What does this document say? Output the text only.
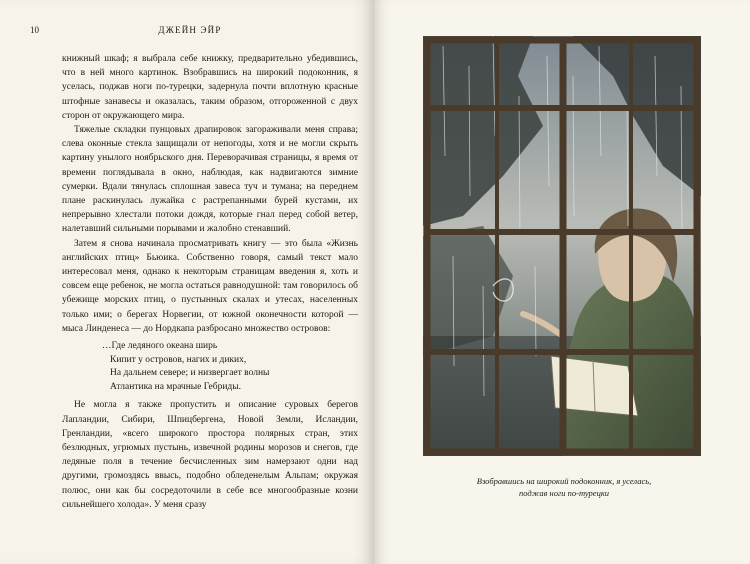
10	ДЖЕЙН ЭЙР

книжный шкаф; я выбрала себе книжку, предварительно убедившись, что в ней много картинок. Взобравшись на широкий подоконник, я уселась, поджав ноги по-турецки, задернула почти вплотную красные штофные занавесы и оказалась, таким образом, отгороженной с двух сторон от окружающего мира.

Тяжелые складки пунцовых драпировок загораживали меня справа; слева оконные стекла защищали от непогоды, хотя и не могли скрыть картину унылого ноябрьского дня. Переворачивая страницы, я время от времени поглядывала в окно, наблюдая, как надвигаются зимние сумерки. Вдали тянулась сплошная завеса туч и тумана; на переднем плане раскинулась лужайка с растрепанными бурей кустами, их непрерывно хлестали потоки дождя, которые гнал перед собой ветер, налетавший сильными порывами и жалобно стенавший.

Затем я снова начинала просматривать книгу — это была «Жизнь английских птиц» Бьюика. Собственно говоря, самый текст мало интересовал меня, однако к некоторым страницам введения я, хоть и совсем еще ребенок, не могла остаться равнодушной: там говорилось об убежище морских птиц, о пустынных скалах и утесах, населенных только ими; о берегах Норвегии, от южной оконечности которой — мыса Линденеса — до Нордкапа разбросано множество островов:

…Где ледяного океана ширь
Кипит у островов, нагих и диких,
На дальнем севере; и низвергает волны
Атлантика на мрачные Гебриды.

Не могла я также пропустить и описание суровых берегов Лапландии, Сибири, Шпицбергена, Новой Земли, Исландии, Гренландии, «всего широкого простора полярных стран, этих безлюдных, угрюмых пустынь, извечной родины морозов и снегов, где ледяные поля в течение бесчисленных зим намерзают одни над другими, громоздясь ввысь, подобно обледенелым Альпам; окружая полюс, они как бы сосредоточили в себе все многообразные козни сильнейшего холода». У меня сразу

Взобравшись на широкий подоконник, я уселась,
поджав ноги по-турецки
